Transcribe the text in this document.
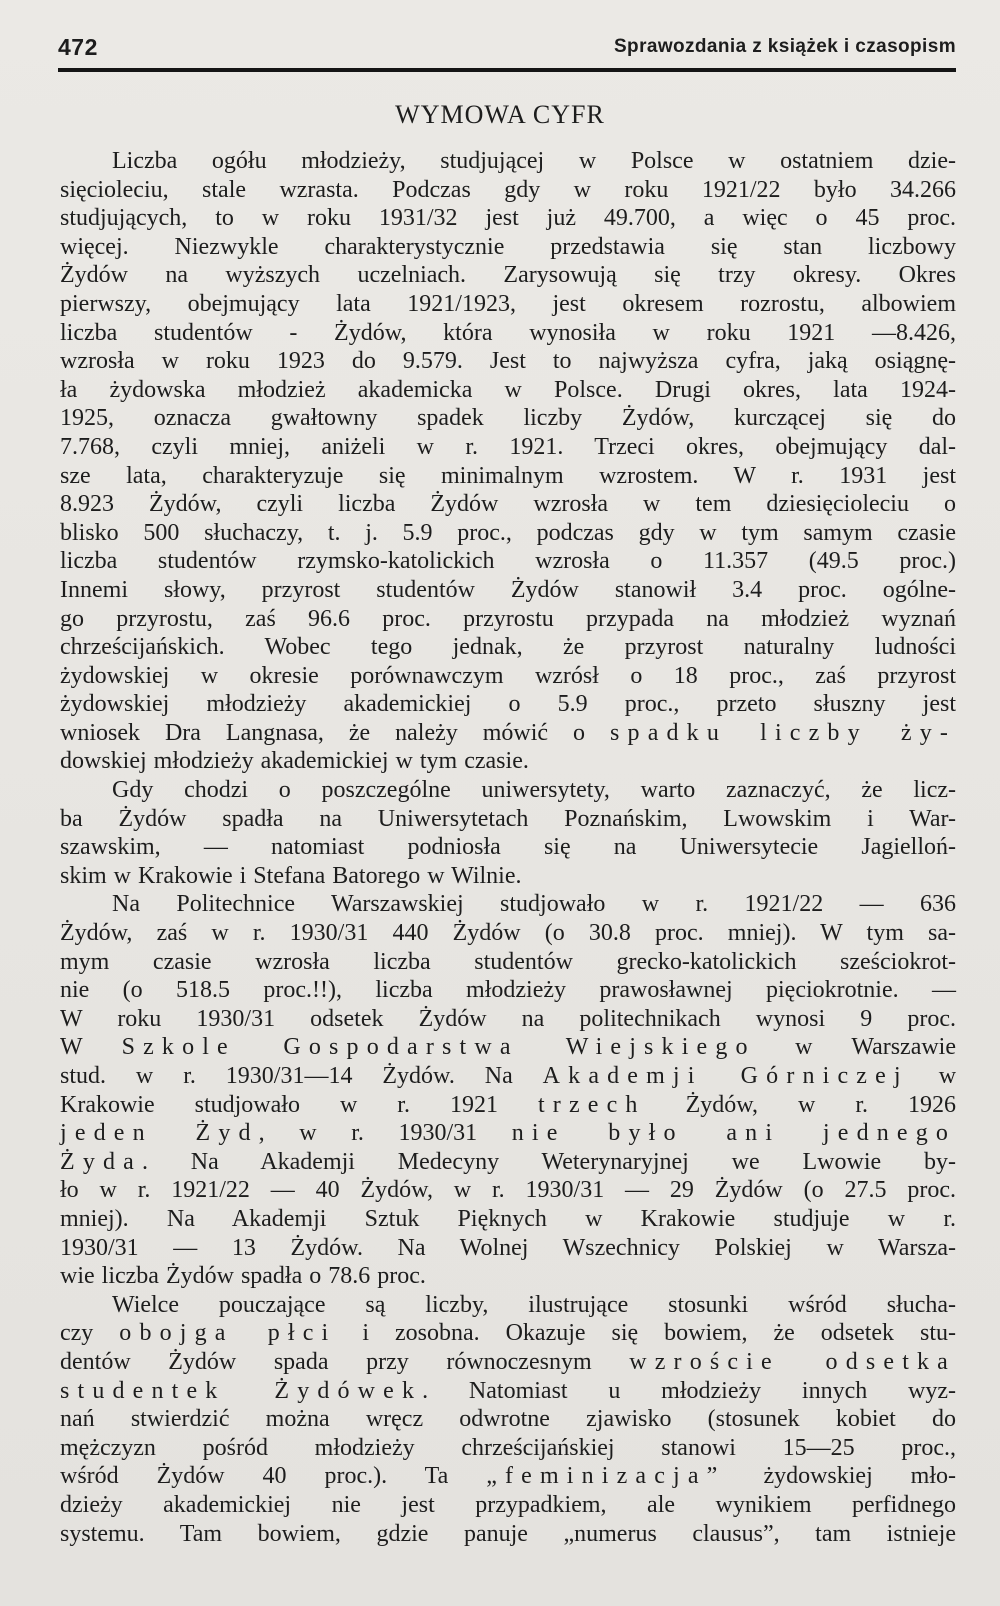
472	Sprawozdania z książek i czasopism
WYMOWA CYFR
Liczba ogółu młodzieży, studjującej w Polsce w ostatniem dzie-
sięcioleciu, stale wzrasta. Podczas gdy w roku 1921/22 było 34.266
studjujących, to w roku 1931/32 jest już 49.700, a więc o 45 proc.
więcej. Niezwykle charakterystycznie przedstawia się stan liczbowy
Żydów na wyższych uczelniach. Zarysowują się trzy okresy. Okres
pierwszy, obejmujący lata 1921/1923, jest okresem rozrostu, albowiem
liczba studentów - Żydów, która wynosiła w roku 1921 —8.426,
wzrosła w roku 1923 do 9.579. Jest to najwyższa cyfra, jaką osiągnę-
ła żydowska młodzież akademicka w Polsce. Drugi okres, lata 1924-
1925, oznacza gwałtowny spadek liczby Żydów, kurczącej się do
7.768, czyli mniej, aniżeli w r. 1921. Trzeci okres, obejmujący dal-
sze lata, charakteryzuje się minimalnym wzrostem. W r. 1931 jest
8.923 Żydów, czyli liczba Żydów wzrosła w tem dziesięcioleciu o
blisko 500 słuchaczy, t. j. 5.9 proc., podczas gdy w tym samym czasie
liczba studentów rzymsko-katolickich wzrosła o 11.357 (49.5 proc.)
Innemi słowy, przyrost studentów Żydów stanowił 3.4 proc. ogólne-
go przyrostu, zaś 96.6 proc. przyrostu przypada na młodzież wyznań
chrześcijańskich. Wobec tego jednak, że przyrost naturalny ludności
żydowskiej w okresie porównawczym wzrósł o 18 proc., zaś przyrost
żydowskiej młodzieży akademickiej o 5.9 proc., przeto słuszny jest
wniosek Dra Langnasa, że należy mówić o spadku liczby ży-
dowskiej młodzieży akademickiej w tym czasie.
Gdy chodzi o poszczególne uniwersytety, warto zaznaczyć, że licz-
ba Żydów spadła na Uniwersytetach Poznańskim, Lwowskim i War-
szawskim, — natomiast podniosła się na Uniwersytecie Jagielloń-
skim w Krakowie i Stefana Batorego w Wilnie.
Na Politechnice Warszawskiej studjowało w r. 1921/22 — 636
Żydów, zaś w r. 1930/31 440 Żydów (o 30.8 proc. mniej). W tym sa-
mym czasie wzrosła liczba studentów grecko-katolickich sześciokrot-
nie (o 518.5 proc.!!), liczba młodzieży prawosławnej pięciokrotnie. —
W roku 1930/31 odsetek Żydów na politechnikach wynosi 9 proc.
W Szkole Gospodarstwa Wiejskiego w Warszawie
stud. w r. 1930/31—14 Żydów. Na Akademji Górniczej w
Krakowie studjowało w r. 1921 trzech Żydów, w r. 1926
jeden Żyd, w r. 1930/31 nie było ani jednego
Żyda. Na Akademji Medecyny Weterynaryjnej we Lwowie by-
ło w r. 1921/22 — 40 Żydów, w r. 1930/31 — 29 Żydów (o 27.5 proc.
mniej). Na Akademji Sztuk Pięknych w Krakowie studjuje w r.
1930/31 — 13 Żydów. Na Wolnej Wszechnicy Polskiej w Warsza-
wie liczba Żydów spadła o 78.6 proc.
Wielce pouczające są liczby, ilustrujące stosunki wśród słucha-
czy obojga płci i zosobna. Okazuje się bowiem, że odsetek stu-
dentów Żydów spada przy równoczesnym wzroście odsetka
studentek Żydówek. Natomiast u młodzieży innych wyz-
nań stwierdzić można wręcz odwrotne zjawisko (stosunek kobiet do
mężczyzn pośród młodzieży chrześcijańskiej stanowi 15—25 proc.,
wśród Żydów 40 proc.). Ta „feminizacja” żydowskiej mło-
dzieży akademickiej nie jest przypadkiem, ale wynikiem perfidnego
systemu. Tam bowiem, gdzie panuje „numerus clausus”, tam istnieje
